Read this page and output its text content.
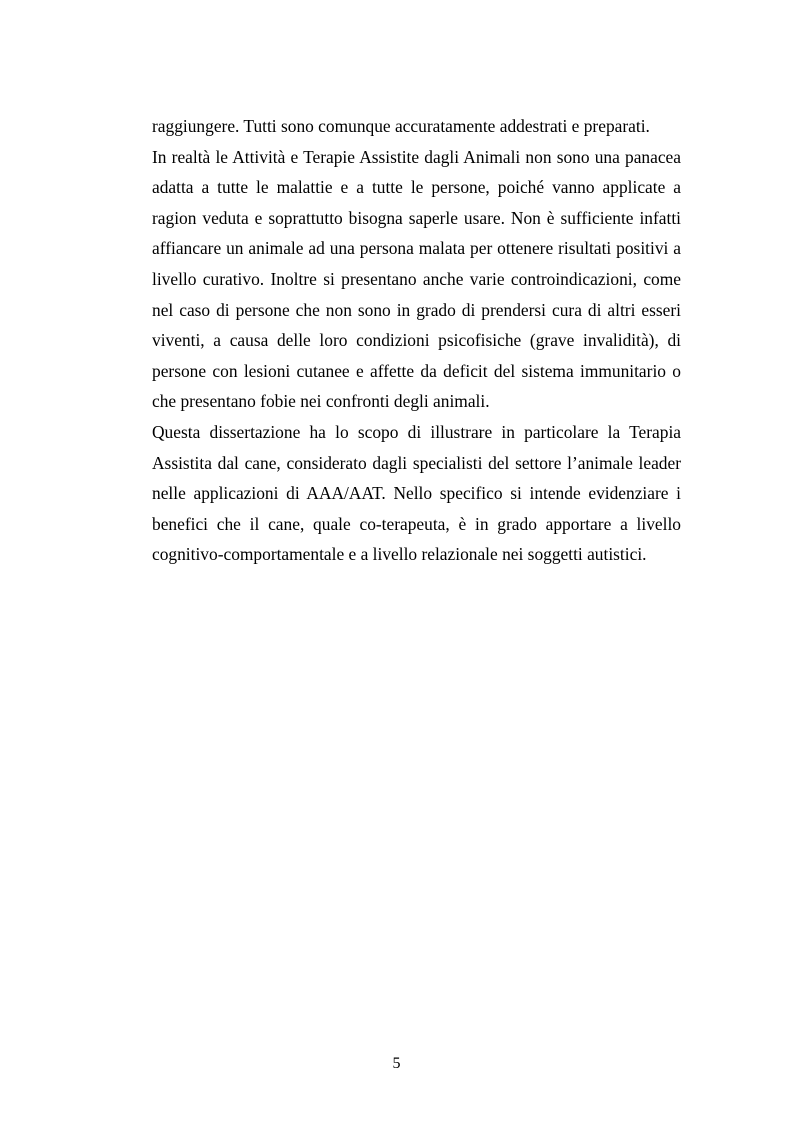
raggiungere. Tutti sono comunque accuratamente addestrati e preparati.

In realtà le Attività e Terapie Assistite dagli Animali non sono una panacea adatta a tutte le malattie e a tutte le persone, poiché vanno applicate a ragion veduta e soprattutto bisogna saperle usare. Non è sufficiente infatti affiancare un animale ad una persona malata per ottenere risultati positivi a livello curativo. Inoltre si presentano anche varie controindicazioni, come nel caso di persone che non sono in grado di prendersi cura di altri esseri viventi, a causa delle loro condizioni psicofisiche (grave invalidità), di persone con lesioni cutanee e affette da deficit del sistema immunitario o che presentano fobie nei confronti degli animali.

Questa dissertazione ha lo scopo di illustrare in particolare la Terapia Assistita dal cane, considerato dagli specialisti del settore l’animale leader nelle applicazioni di AAA/AAT. Nello specifico si intende evidenziare i benefici che il cane, quale co-terapeuta, è in grado apportare a livello cognitivo-comportamentale e a livello relazionale nei soggetti autistici.

5
